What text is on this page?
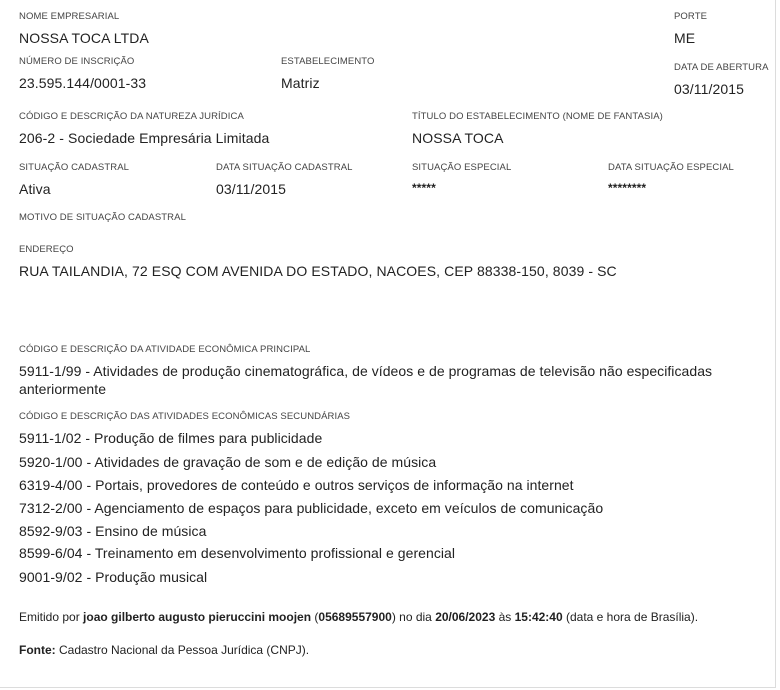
NOME EMPRESARIAL
NOSSA TOCA LTDA
PORTE
ME
NÚMERO DE INSCRIÇÃO
23.595.144/0001-33
ESTABELECIMENTO
Matriz
DATA DE ABERTURA
03/11/2015
CÓDIGO E DESCRIÇÃO DA NATUREZA JURÍDICA
206-2 - Sociedade Empresária Limitada
TÍTULO DO ESTABELECIMENTO (NOME DE FANTASIA)
NOSSA TOCA
SITUAÇÃO CADASTRAL
Ativa
DATA SITUAÇÃO CADASTRAL
03/11/2015
SITUAÇÃO ESPECIAL
*****
DATA SITUAÇÃO ESPECIAL
********
MOTIVO DE SITUAÇÃO CADASTRAL
ENDEREÇO
RUA TAILANDIA, 72 ESQ COM AVENIDA DO ESTADO, NACOES, CEP 88338-150, 8039 - SC
CÓDIGO E DESCRIÇÃO DA ATIVIDADE ECONÔMICA PRINCIPAL
5911-1/99 - Atividades de produção cinematográfica, de vídeos e de programas de televisão não especificadas
anteriormente
CÓDIGO E DESCRIÇÃO DAS ATIVIDADES ECONÔMICAS SECUNDÁRIAS
5911-1/02 - Produção de filmes para publicidade
5920-1/00 - Atividades de gravação de som e de edição de música
6319-4/00 - Portais, provedores de conteúdo e outros serviços de informação na internet
7312-2/00 - Agenciamento de espaços para publicidade, exceto em veículos de comunicação
8592-9/03 - Ensino de música
8599-6/04 - Treinamento em desenvolvimento profissional e gerencial
9001-9/02 - Produção musical
Emitido por joao gilberto augusto pieruccini moojen (05689557900) no dia 20/06/2023 às 15:42:40 (data e hora de Brasília).
Fonte: Cadastro Nacional da Pessoa Jurídica (CNPJ).
